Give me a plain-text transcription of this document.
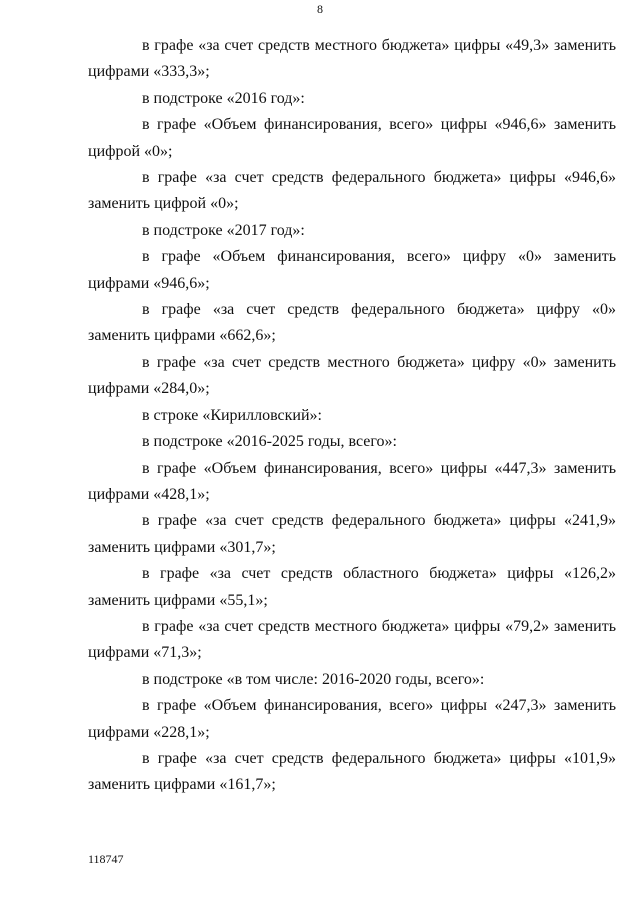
8

в графе «за счет средств местного бюджета» цифры «49,3» заменить цифрами «333,3»;

в подстроке «2016 год»:

в графе «Объем финансирования, всего» цифры «946,6» заменить цифрой «0»;

в графе «за счет средств федерального бюджета» цифры «946,6» заменить цифрой «0»;

в подстроке «2017 год»:

в графе «Объем финансирования, всего» цифру «0» заменить цифрами «946,6»;

в графе «за счет средств федерального бюджета» цифру «0» заменить цифрами «662,6»;

в графе «за счет средств местного бюджета» цифру «0» заменить цифрами «284,0»;

в строке «Кирилловский»:

в подстроке «2016-2025 годы, всего»:

в графе «Объем финансирования, всего» цифры «447,3» заменить цифрами «428,1»;

в графе «за счет средств федерального бюджета» цифры «241,9» заменить цифрами «301,7»;

в графе «за счет средств областного бюджета» цифры «126,2» заменить цифрами «55,1»;

в графе «за счет средств местного бюджета» цифры «79,2» заменить цифрами «71,3»;

в подстроке «в том числе: 2016-2020 годы, всего»:

в графе «Объем финансирования, всего» цифры «247,3» заменить цифрами «228,1»;

в графе «за счет средств федерального бюджета» цифры «101,9» заменить цифрами «161,7»;

118747
